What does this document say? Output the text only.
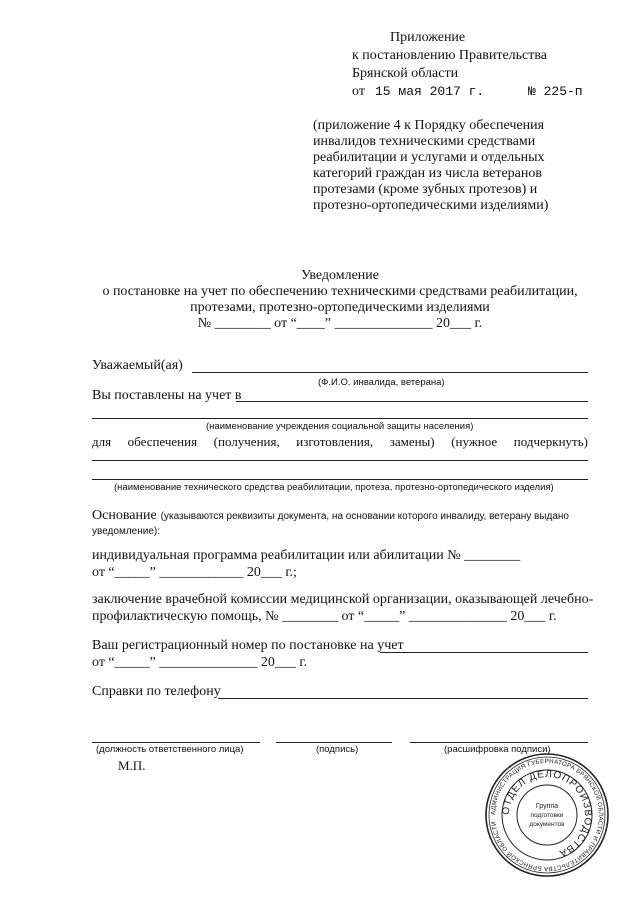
Приложение
к постановлению Правительства
Брянской области
от 15 мая 2017 г.	№ 225-п
(приложение 4 к Порядку обеспечения
инвалидов техническими средствами
реабилитации и услугами и отдельных
категорий граждан из числа ветеранов
протезами (кроме зубных протезов) и
протезно-ортопедическими изделиями)
Уведомление
о постановке на учет по обеспечению техническими средствами реабилитации,
протезами, протезно-ортопедическими изделиями
№ ________ от “____” ______________ 20___ г.
Уважаемый(ая)
(Ф.И.О. инвалида, ветерана)
Вы поставлены на учет в
(наименование учреждения социальной защиты населения)
для обеспечения (получения, изготовления, замены) (нужное подчеркнуть)
(наименование технического средства реабилитации, протеза, протезно-ортопедического изделия)
Основание (указываются реквизиты документа, на основании которого инвалиду, ветерану выдано
уведомление):
индивидуальная программа реабилитации или абилитации № ________
от “_____” ____________ 20___ г.;
заключение врачебной комиссии медицинской организации, оказывающей лечебно-
профилактическую помощь, № ________ от “_____” ______________ 20___ г.
Ваш регистрационный номер по постановке на учет
от “_____” ______________ 20___ г.
Справки по телефону
(должность ответственного лица)	(подпись)	(расшифровка подписи)
М.П.
АДМИНИСТРАЦИЯ ГУБЕРНАТОРА БРЯНСКОЙ ОБЛАСТИ И ПРАВИТЕЛЬСТВА БРЯНСКОЙ ОБЛАСТИ
ОТДЕЛ ДЕЛОПРОИЗВОДСТВА
Группа
подготовки
документов
